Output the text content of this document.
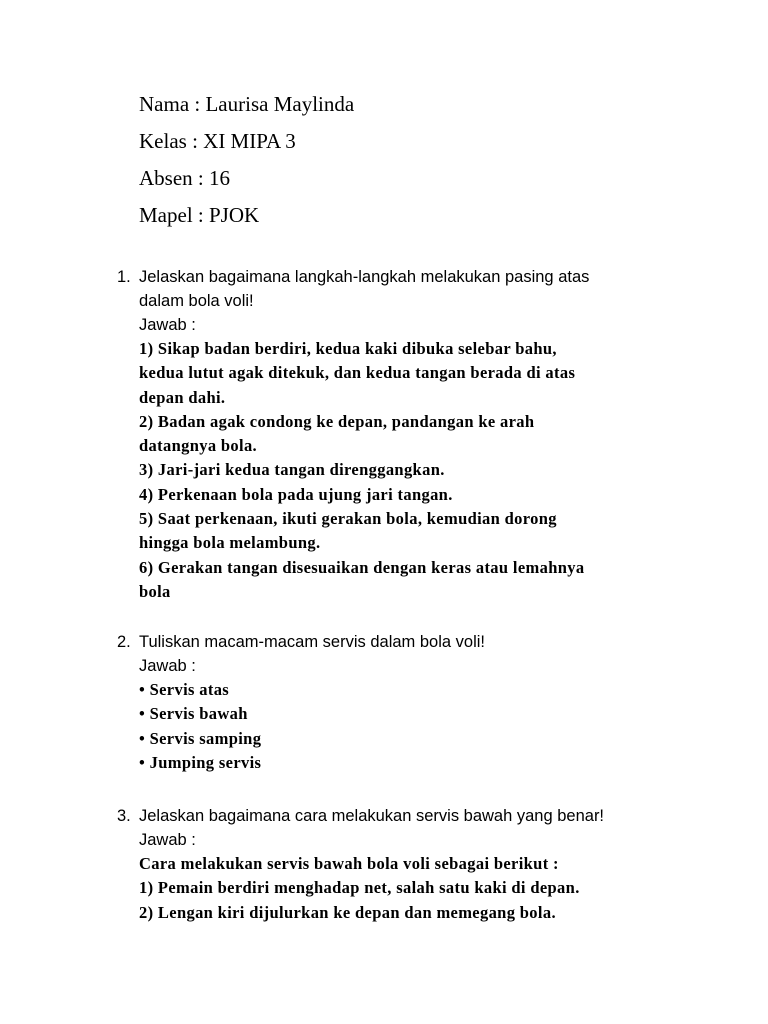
Nama : Laurisa Maylinda
Kelas : XI MIPA 3
Absen : 16
Mapel : PJOK
1. Jelaskan bagaimana langkah-langkah melakukan pasing atas
dalam bola voli!
Jawab :
1) Sikap badan berdiri, kedua kaki dibuka selebar bahu,
kedua lutut agak ditekuk, dan kedua tangan berada di atas
depan dahi.
2) Badan agak condong ke depan, pandangan ke arah
datangnya bola.
3) Jari-jari kedua tangan direnggangkan.
4) Perkenaan bola pada ujung jari tangan.
5) Saat perkenaan, ikuti gerakan bola, kemudian dorong
hingga bola melambung.
6) Gerakan tangan disesuaikan dengan keras atau lemahnya
bola
2. Tuliskan macam-macam servis dalam bola voli!
Jawab :
• Servis atas
• Servis bawah
• Servis samping
• Jumping servis
3. Jelaskan bagaimana cara melakukan servis bawah yang benar!
Jawab :
Cara melakukan servis bawah bola voli sebagai berikut :
1) Pemain berdiri menghadap net, salah satu kaki di depan.
2) Lengan kiri dijulurkan ke depan dan memegang bola.
